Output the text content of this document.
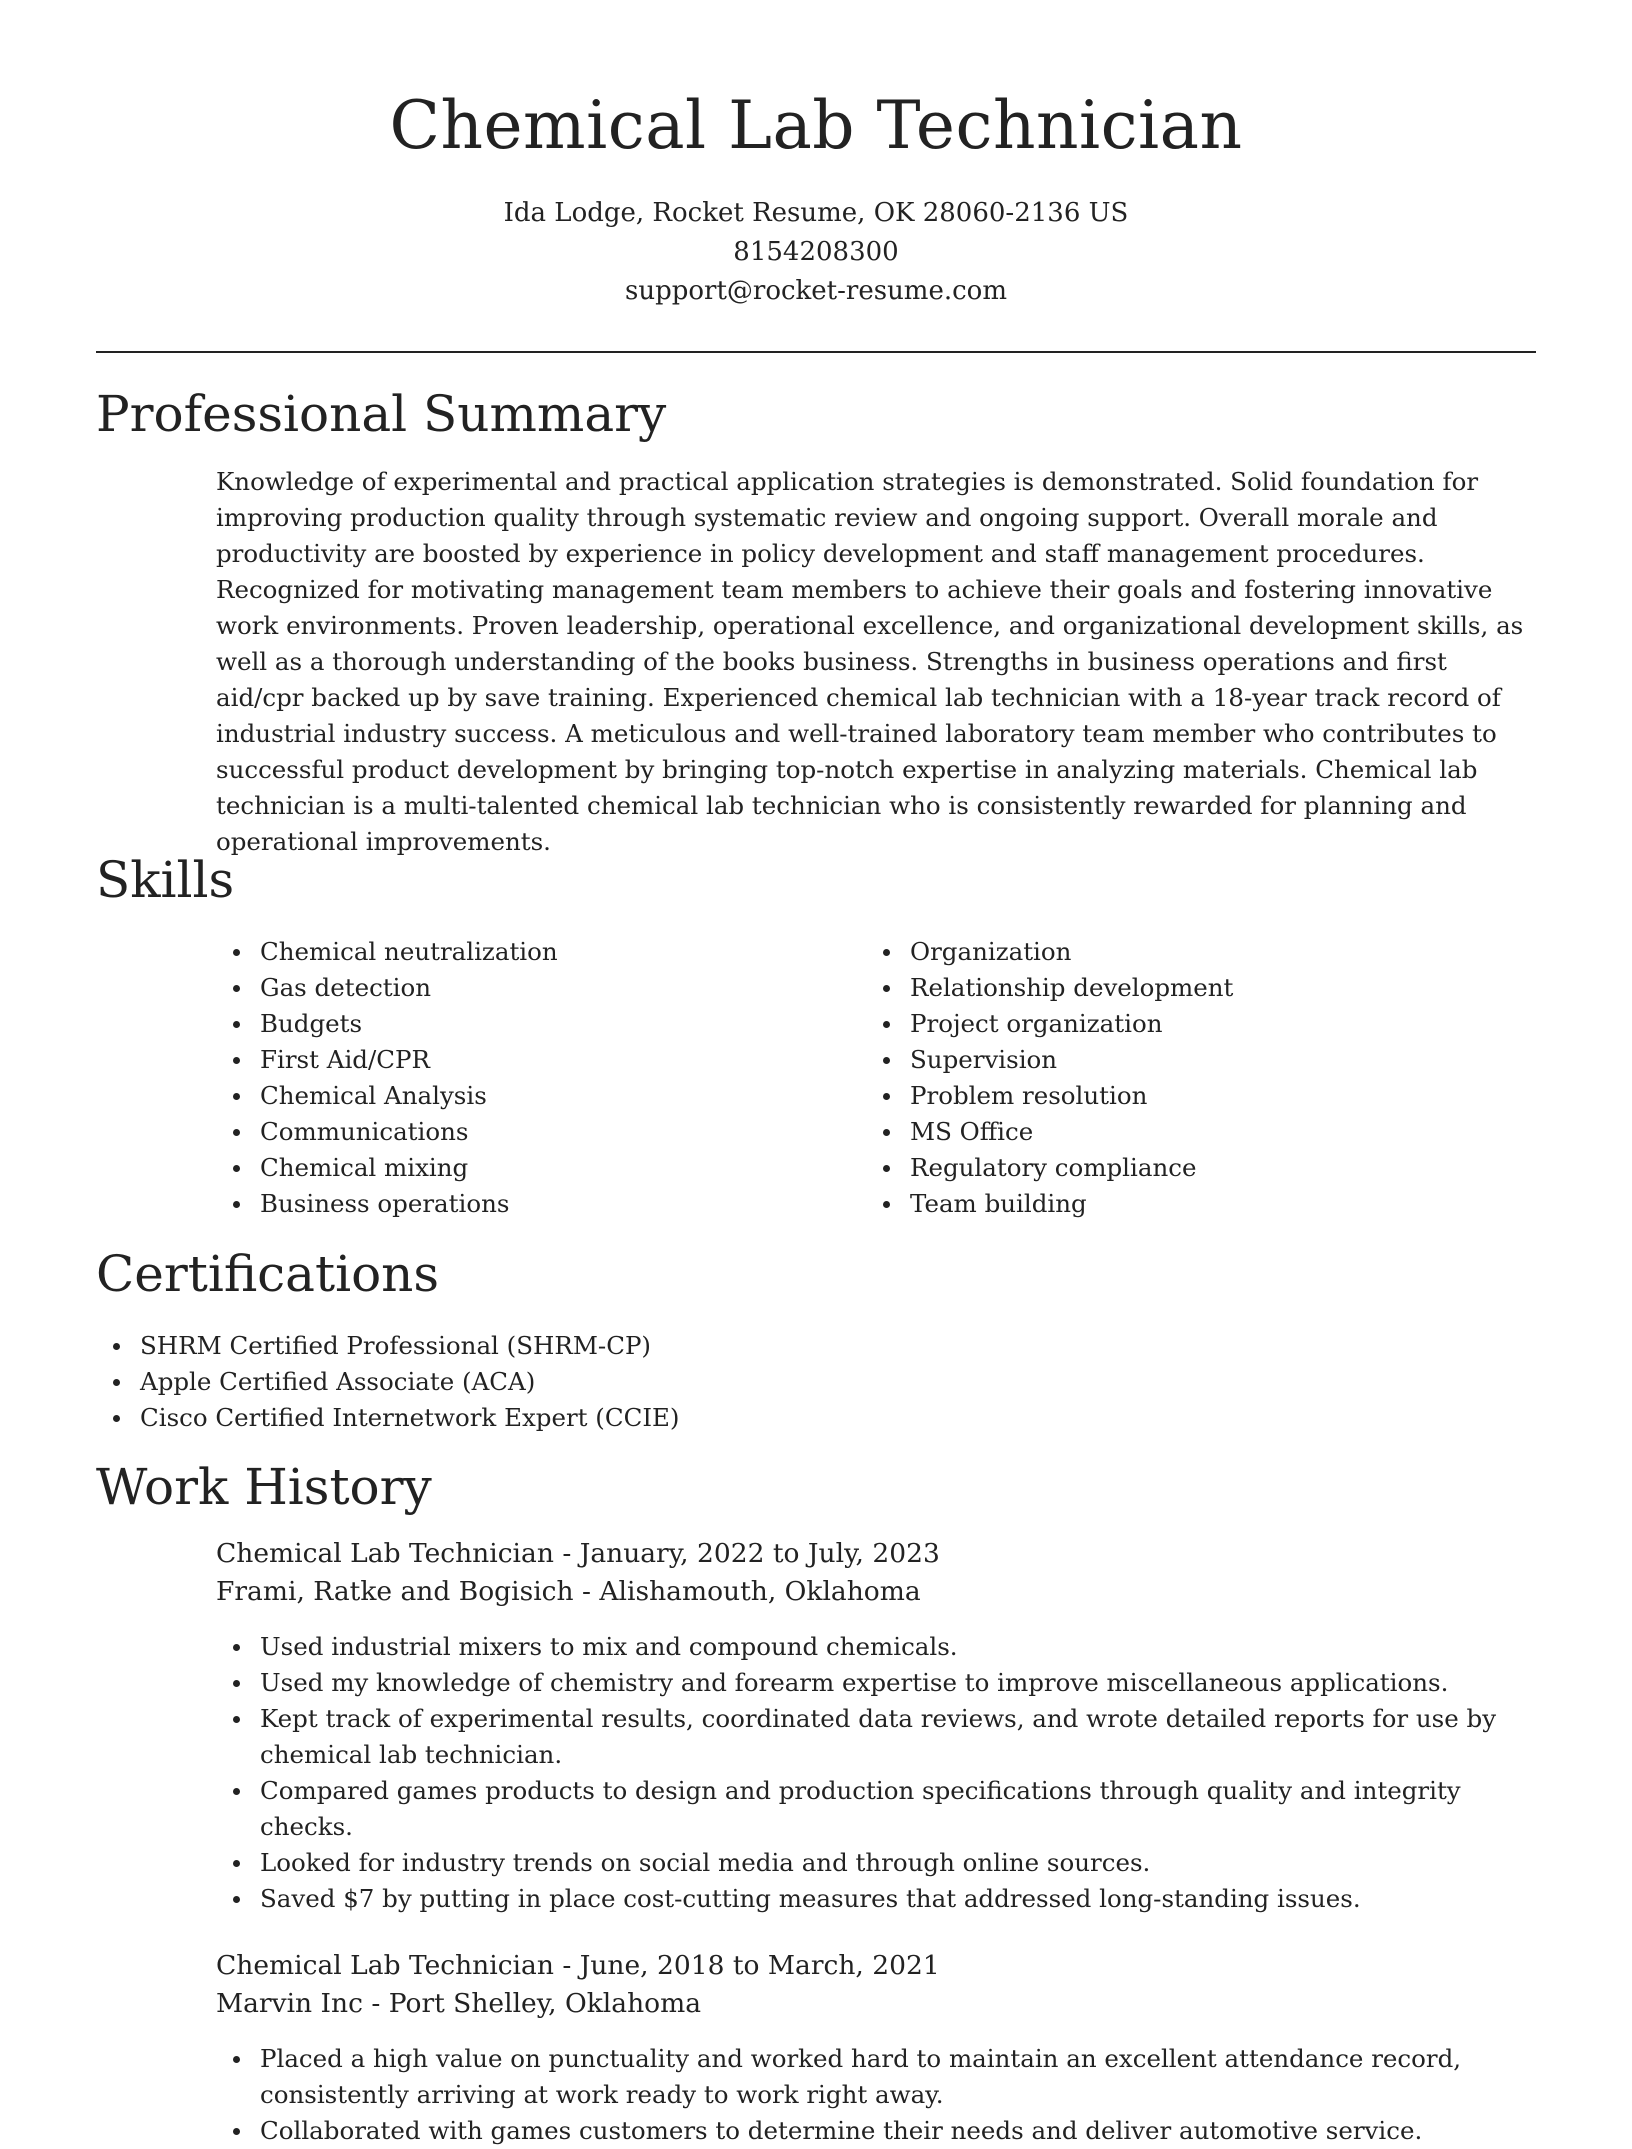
Chemical Lab Technician
Ida Lodge, Rocket Resume, OK 28060-2136 US
8154208300
support@rocket-resume.com
Professional Summary

Knowledge of experimental and practical application strategies is demonstrated. Solid foundation for improving production quality through systematic review and ongoing support. Overall morale and productivity are boosted by experience in policy development and staff management procedures. Recognized for motivating management team members to achieve their goals and fostering innovative work environments. Proven leadership, operational excellence, and organizational development skills, as well as a thorough understanding of the books business. Strengths in business operations and first aid/cpr backed up by save training. Experienced chemical lab technician with a 18-year track record of industrial industry success. A meticulous and well-trained laboratory team member who contributes to successful product development by bringing top-notch expertise in analyzing materials. Chemical lab technician is a multi-talented chemical lab technician who is consistently rewarded for planning and operational improvements.

Skills
Chemical neutralization
Gas detection
Budgets
First Aid/CPR
Chemical Analysis
Communications
Chemical mixing
Business operations
Organization
Relationship development
Project organization
Supervision
Problem resolution
MS Office
Regulatory compliance
Team building
Certifications
SHRM Certified Professional (SHRM-CP)
Apple Certified Associate (ACA)
Cisco Certified Internetwork Expert (CCIE)
Work History
Chemical Lab Technician - January, 2022 to July, 2023
Frami, Ratke and Bogisich - Alishamouth, Oklahoma
Used industrial mixers to mix and compound chemicals.
Used my knowledge of chemistry and forearm expertise to improve miscellaneous applications.
Kept track of experimental results, coordinated data reviews, and wrote detailed reports for use by chemical lab technician.
Compared games products to design and production specifications through quality and integrity checks.
Looked for industry trends on social media and through online sources.
Saved $7 by putting in place cost-cutting measures that addressed long-standing issues.
Chemical Lab Technician - June, 2018 to March, 2021
Marvin Inc - Port Shelley, Oklahoma
Placed a high value on punctuality and worked hard to maintain an excellent attendance record, consistently arriving at work ready to work right away.
Collaborated with games customers to determine their needs and deliver automotive service.
